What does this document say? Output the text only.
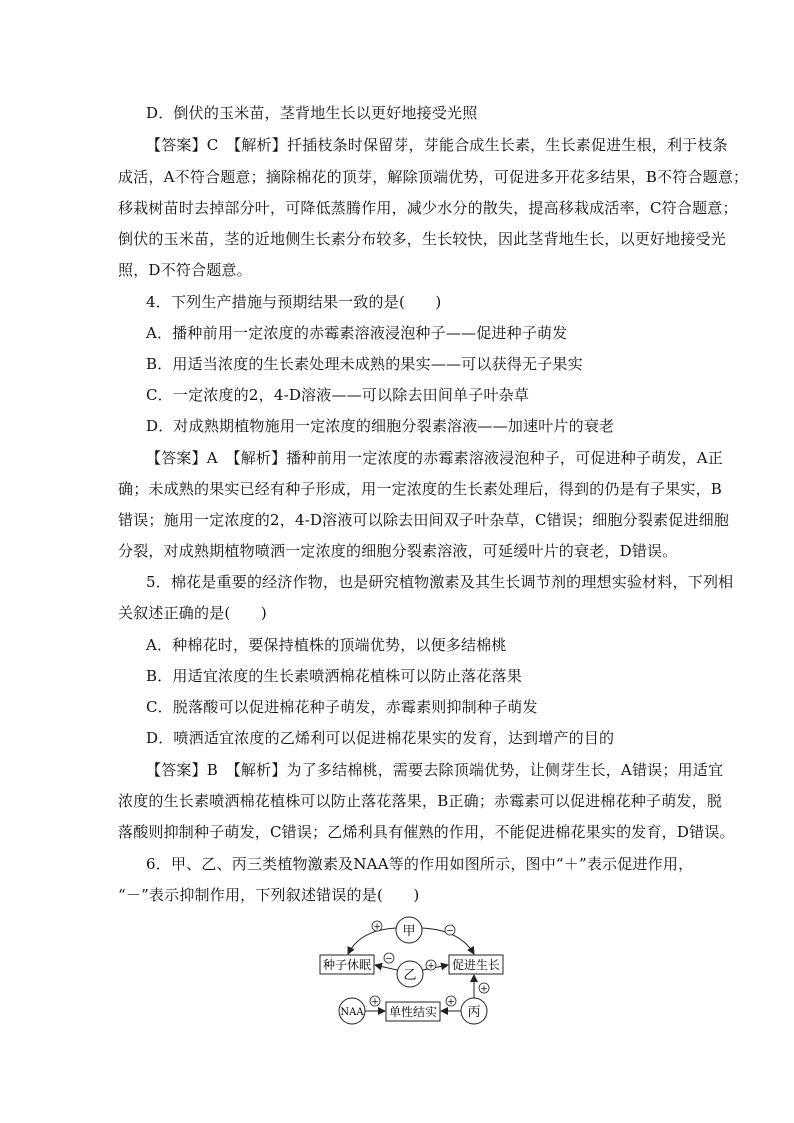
D．倒伏的玉米苗，茎背地生长以更好地接受光照
【答案】C　【解析】扦插枝条时保留芽，芽能合成生长素，生长素促进生根，利于枝条
成活，A不符合题意；摘除棉花的顶芽，解除顶端优势，可促进多开花多结果，B不符合题意；
移栽树苗时去掉部分叶，可降低蒸腾作用，减少水分的散失，提高移栽成活率，C符合题意；
倒伏的玉米苗，茎的近地侧生长素分布较多，生长较快，因此茎背地生长，以更好地接受光
照，D不符合题意。
4．下列生产措施与预期结果一致的是(　　)
A．播种前用一定浓度的赤霉素溶液浸泡种子——促进种子萌发
B．用适当浓度的生长素处理未成熟的果实——可以获得无子果实
C．一定浓度的2，4-D溶液——可以除去田间单子叶杂草
D．对成熟期植物施用一定浓度的细胞分裂素溶液——加速叶片的衰老
【答案】A　【解析】播种前用一定浓度的赤霉素溶液浸泡种子，可促进种子萌发，A正
确；未成熟的果实已经有种子形成，用一定浓度的生长素处理后，得到的仍是有子果实，B
错误；施用一定浓度的2，4-D溶液可以除去田间双子叶杂草，C错误；细胞分裂素促进细胞
分裂，对成熟期植物喷洒一定浓度的细胞分裂素溶液，可延缓叶片的衰老，D错误。
5．棉花是重要的经济作物，也是研究植物激素及其生长调节剂的理想实验材料，下列相
关叙述正确的是(　　)
A．种棉花时，要保持植株的顶端优势，以便多结棉桃
B．用适宜浓度的生长素喷洒棉花植株可以防止落花落果
C．脱落酸可以促进棉花种子萌发，赤霉素则抑制种子萌发
D．喷洒适宜浓度的乙烯利可以促进棉花果实的发育，达到增产的目的
【答案】B　【解析】为了多结棉桃，需要去除顶端优势，让侧芽生长，A错误；用适宜
浓度的生长素喷洒棉花植株可以防止落花落果，B正确；赤霉素可以促进棉花种子萌发，脱
落酸则抑制种子萌发，C错误；乙烯利具有催熟的作用，不能促进棉花果实的发育，D错误。
6．甲、乙、丙三类植物激素及NAA等的作用如图所示，图中“＋”表示促进作用，
“－”表示抑制作用，下列叙述错误的是(　　)
甲
乙
丙
NAA
种子休眠	促进生长
单性结实
+	−
−
+
+	+
+
